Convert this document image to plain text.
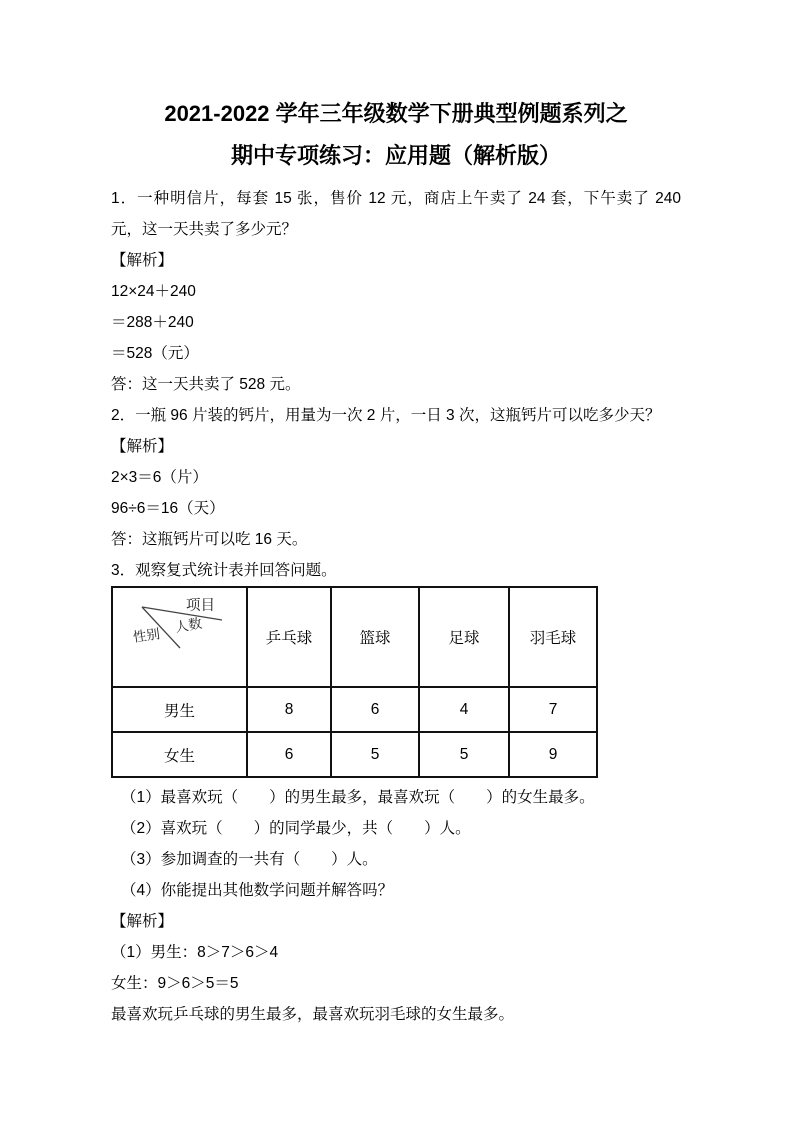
2021-2022 学年三年级数学下册典型例题系列之
期中专项练习：应用题（解析版）

1．一种明信片，每套 15 张，售价 12 元，商店上午卖了 24 套，下午卖了 240

元，这一天共卖了多少元？

【解析】

12×24＋240

＝288＋240

＝528（元）

答：这一天共卖了 528 元。

2．一瓶 96 片装的钙片，用量为一次 2 片，一日 3 次，这瓶钙片可以吃多少天？

【解析】

2×3＝6（片）

96÷6＝16（天）

答：这瓶钙片可以吃 16 天。

3．观察复式统计表并回答问题。

项目
人数
性别	乒乓球	篮球	足球	羽毛球
男生	8	6	4	7
女生	6	5	5	9

（1）最喜欢玩（　　）的男生最多，最喜欢玩（　　）的女生最多。

（2）喜欢玩（　　）的同学最少，共（　　）人。

（3）参加调查的一共有（　　）人。

（4）你能提出其他数学问题并解答吗？

【解析】

（1）男生：8＞7＞6＞4

女生：9＞6＞5＝5

最喜欢玩乒乓球的男生最多，最喜欢玩羽毛球的女生最多。
